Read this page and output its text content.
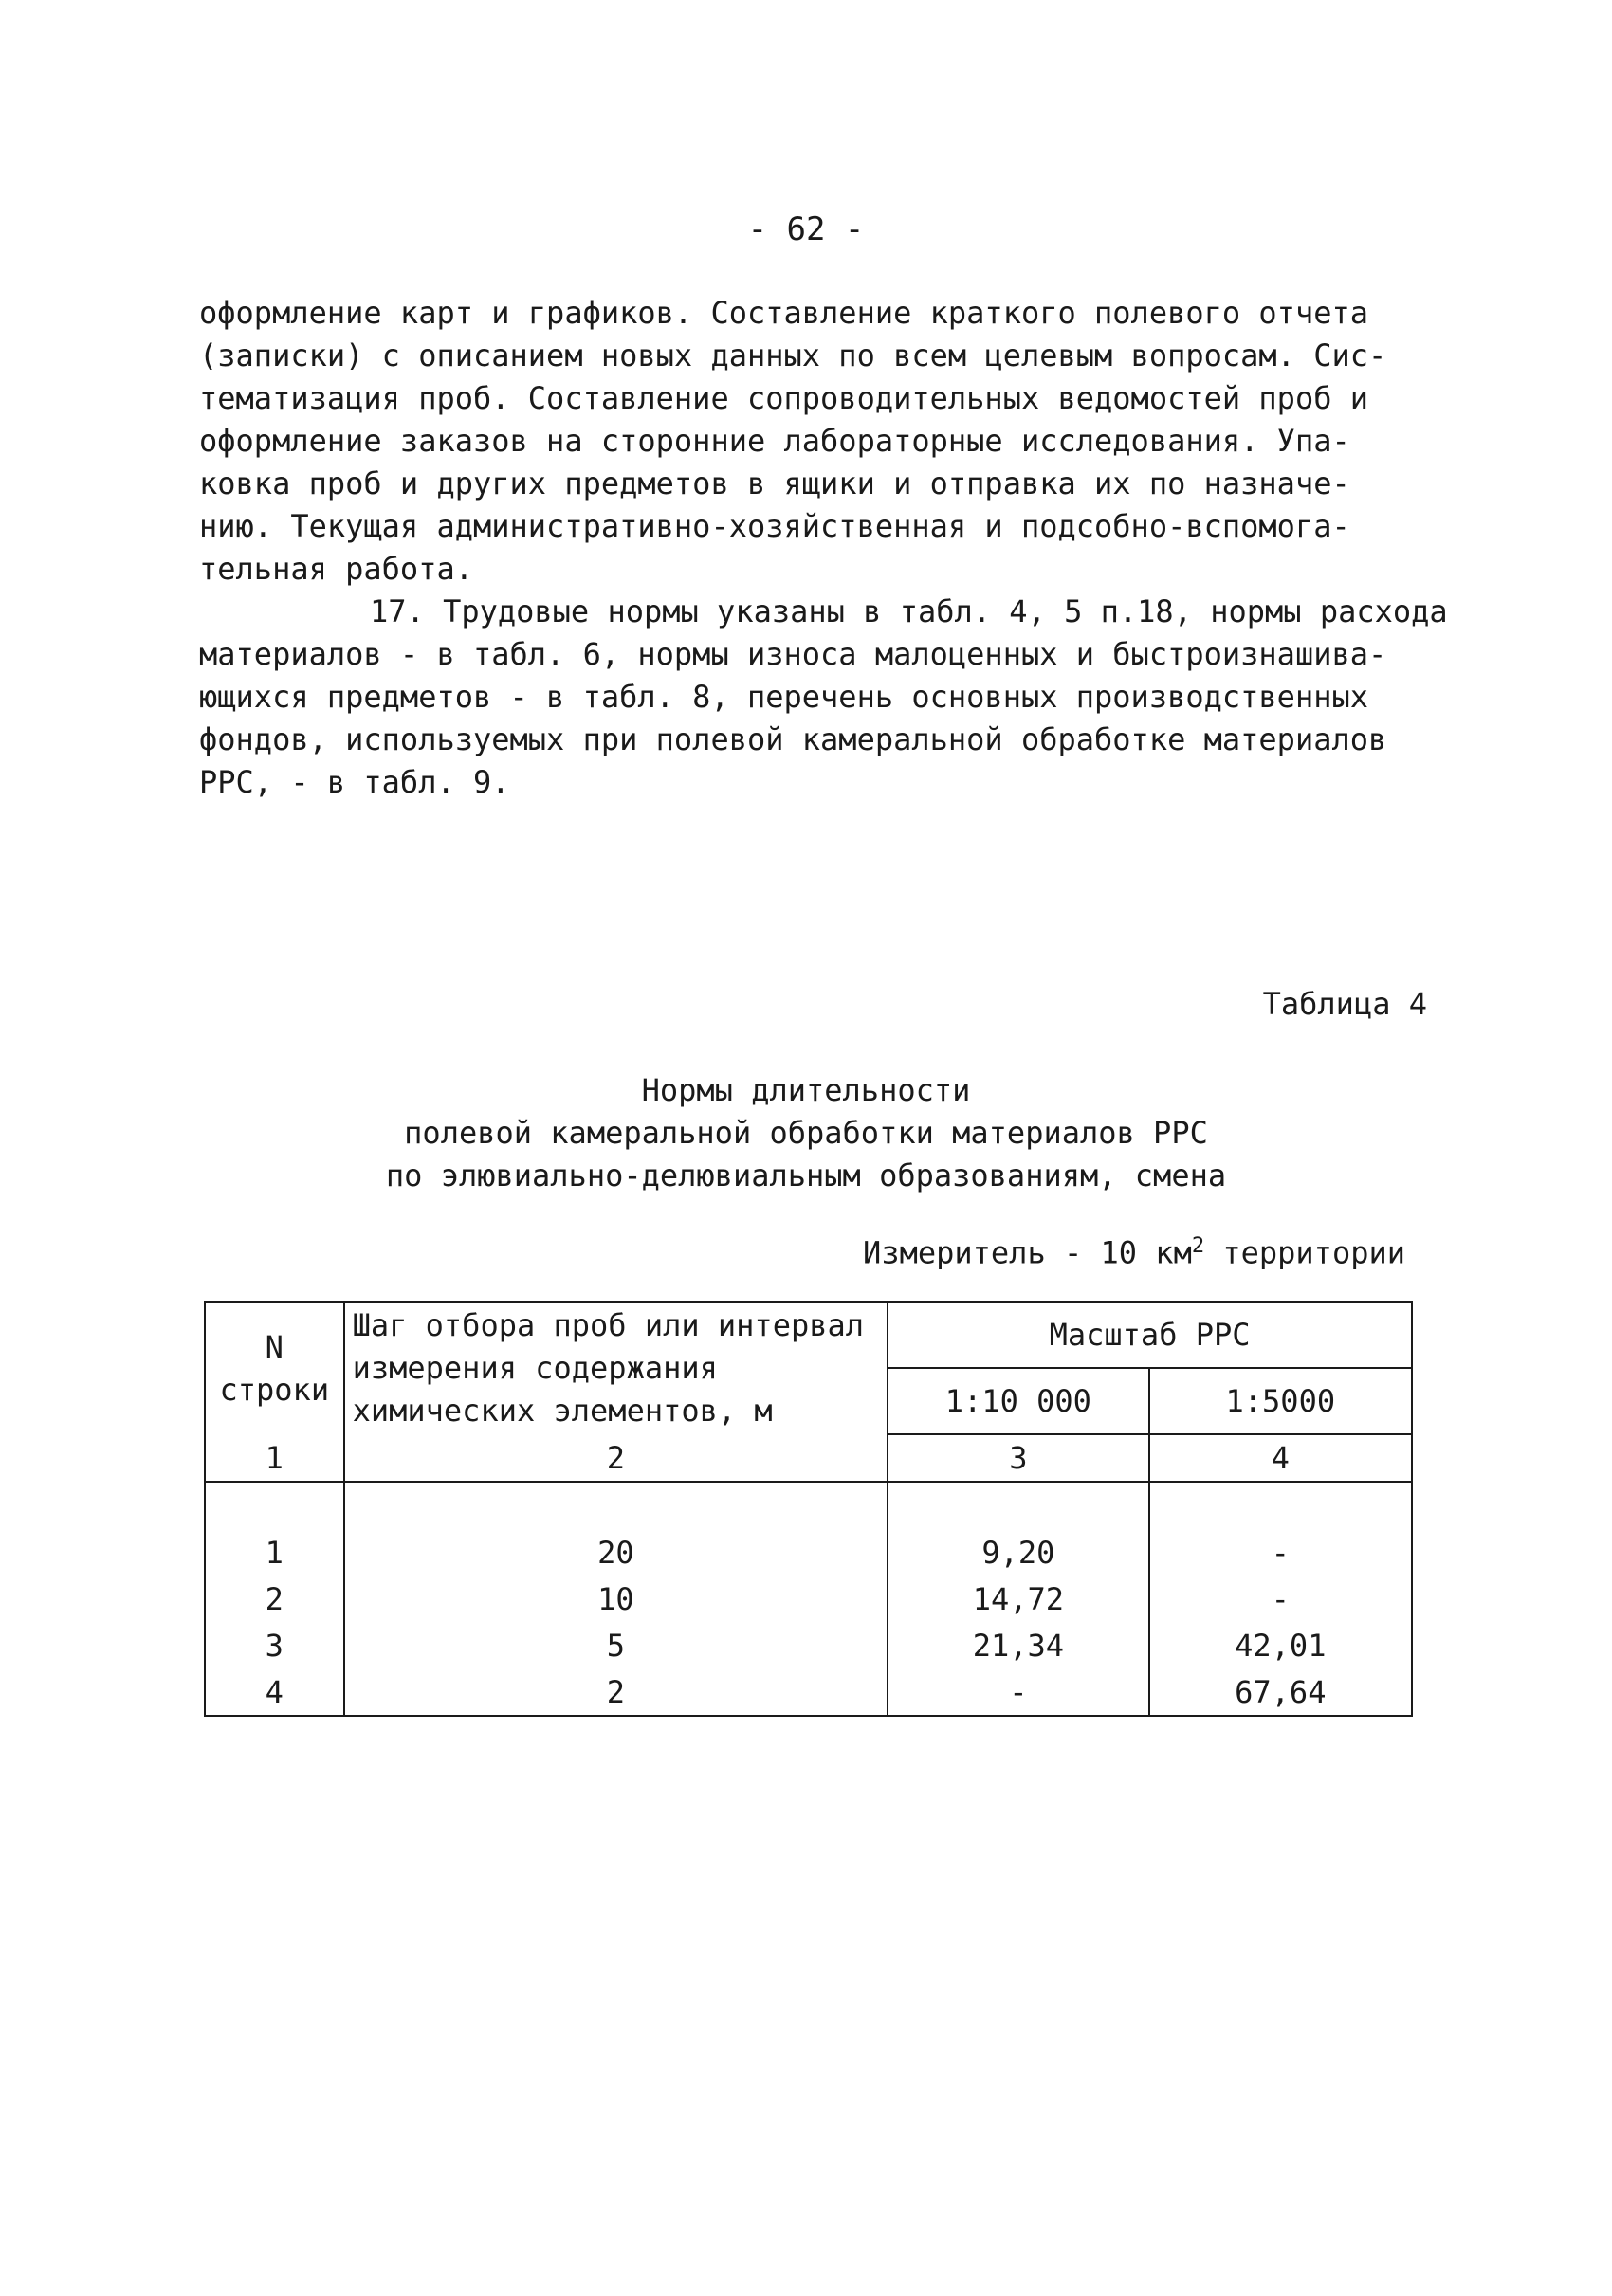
- 62 -
оформление карт и графиков. Составление краткого полевого отчета
(записки) с описанием новых данных по всем целевым вопросам. Сис-
тематизация проб. Составление сопроводительных ведомостей проб и
оформление заказов на сторонние лабораторные исследования. Упа-
ковка проб и других предметов в ящики и отправка их по назначе-
нию. Текущая административно-хозяйственная и подсобно-вспомога-
тельная работа.
17. Трудовые нормы указаны в табл. 4, 5 п.18, нормы расхода
материалов - в табл. 6, нормы износа малоценных и быстроизнашива-
ющихся предметов - в табл. 8, перечень основных производственных
фондов, используемых при полевой камеральной обработке материалов
РРС, - в табл. 9.
Таблица 4
Нормы длительности
полевой камеральной обработки материалов РРС
по элювиально-делювиальным образованиям, смена
Измеритель - 10 $км^2$ территории
N строки	Шаг отбора проб или интервал измерения содержания химических элементов, м	Масштаб РРС	
		1:10 000	1:5000
1	2	3	4

1	20	9,20	-
2	10	14,72	-
3	5	21,34	42,01
4	2	-	67,64
